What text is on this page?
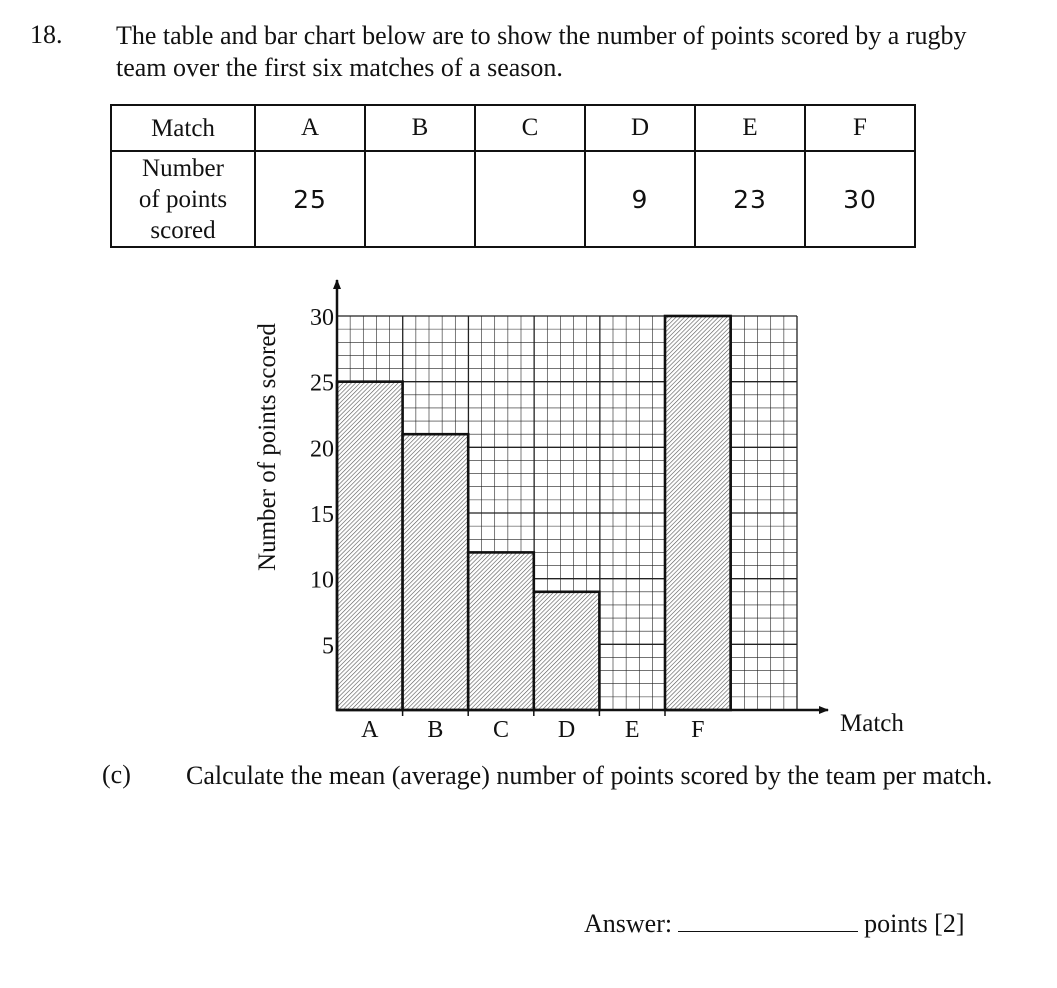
18. The table and bar chart below are to show the number of points scored by a rugby team over the first six matches of a season.
Match	A	B	C	D	E	F

Number
of points
scored	25			9	23	30
5
10
15
20
25
30
A B C D E F
Number of points scored
Match
(c) Calculate the mean (average) number of points scored by the team per match.
Answer:	points [2]
